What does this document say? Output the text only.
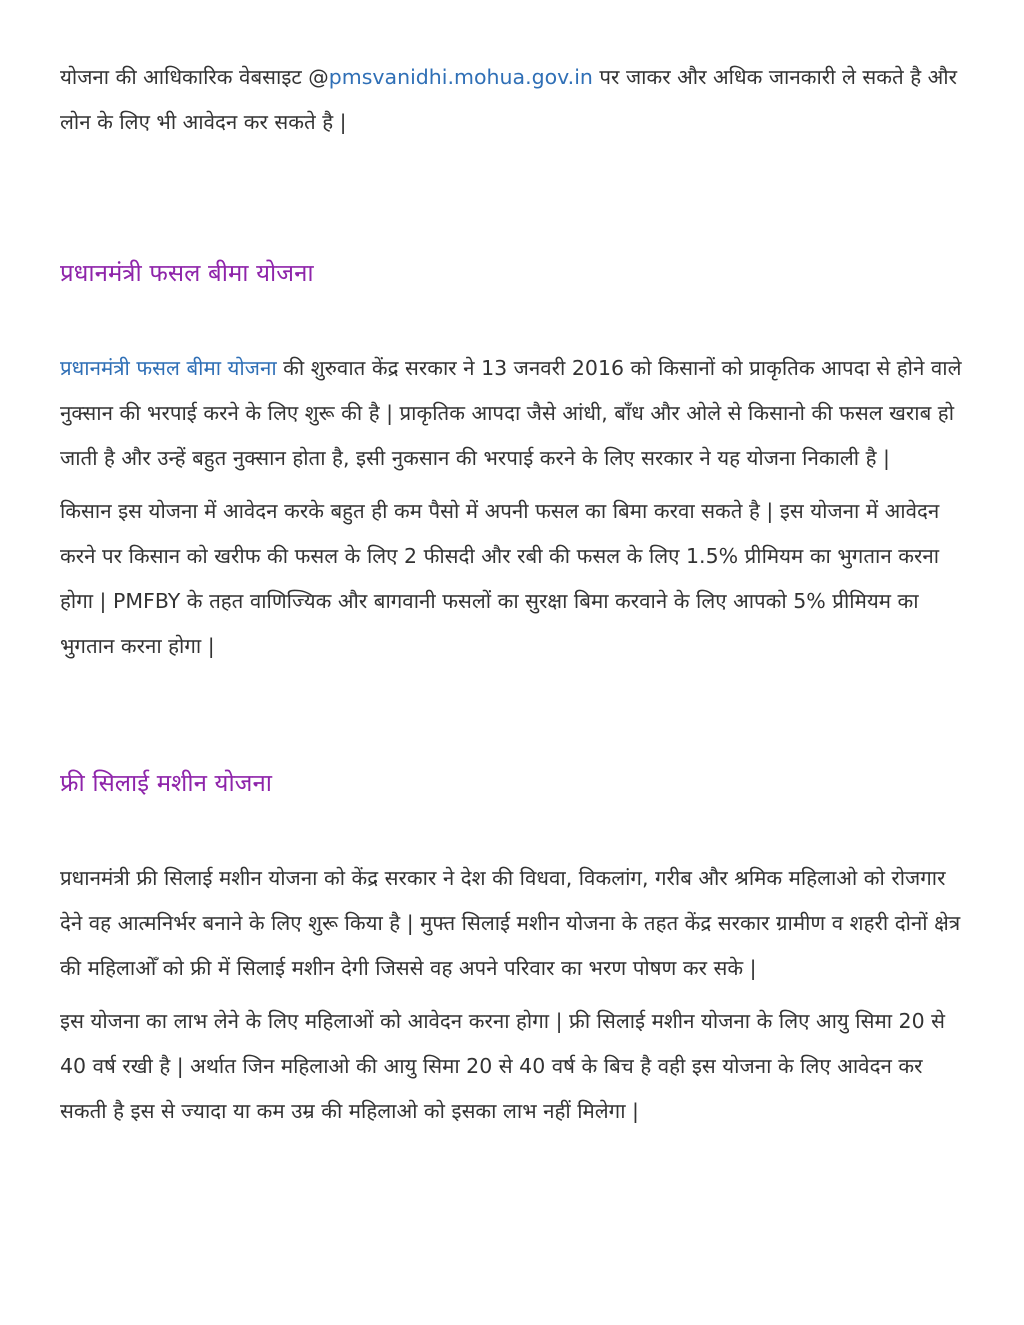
योजना की आधिकारिक वेबसाइट @pmsvanidhi.mohua.gov.in पर जाकर और अधिक जानकारी ले सकते है और लोन के लिए भी आवेदन कर सकते है |

प्रधानमंत्री फसल बीमा योजना

प्रधानमंत्री फसल बीमा योजना की शुरुवात केंद्र सरकार ने 13 जनवरी 2016 को किसानों को प्राकृतिक आपदा से होने वाले नुक्सान की भरपाई करने के लिए शुरू की है | प्राकृतिक आपदा जैसे आंधी, बाँध और ओले से किसानो की फसल खराब हो जाती है और उन्हें बहुत नुक्सान होता है, इसी नुकसान की भरपाई करने के लिए सरकार ने यह योजना निकाली है |

किसान इस योजना में आवेदन करके बहुत ही कम पैसो में अपनी फसल का बिमा करवा सकते है | इस योजना में आवेदन करने पर किसान को खरीफ की फसल के लिए 2 फीसदी और रबी की फसल के लिए 1.5% प्रीमियम का भुगतान करना होगा | PMFBY के तहत वाणिज्यिक और बागवानी फसलों का सुरक्षा बिमा करवाने के लिए आपको 5% प्रीमियम का भुगतान करना होगा |

फ्री सिलाई मशीन योजना

प्रधानमंत्री फ्री सिलाई मशीन योजना को केंद्र सरकार ने देश की विधवा, विकलांग, गरीब और श्रमिक महिलाओ को रोजगार देने वह आत्मनिर्भर बनाने के लिए शुरू किया है | मुफ्त सिलाई मशीन योजना के तहत केंद्र सरकार ग्रामीण व शहरी दोनों क्षेत्र की महिलाओँ को फ्री में सिलाई मशीन देगी जिससे वह अपने परिवार का भरण पोषण कर सके |

इस योजना का लाभ लेने के लिए महिलाओं को आवेदन करना होगा | फ्री सिलाई मशीन योजना के लिए आयु सिमा 20 से 40 वर्ष रखी है | अर्थात जिन महिलाओ की आयु सिमा 20 से 40 वर्ष के बिच है वही इस योजना के लिए आवेदन कर सकती है इस से ज्यादा या कम उम्र की महिलाओ को इसका लाभ नहीं मिलेगा |
